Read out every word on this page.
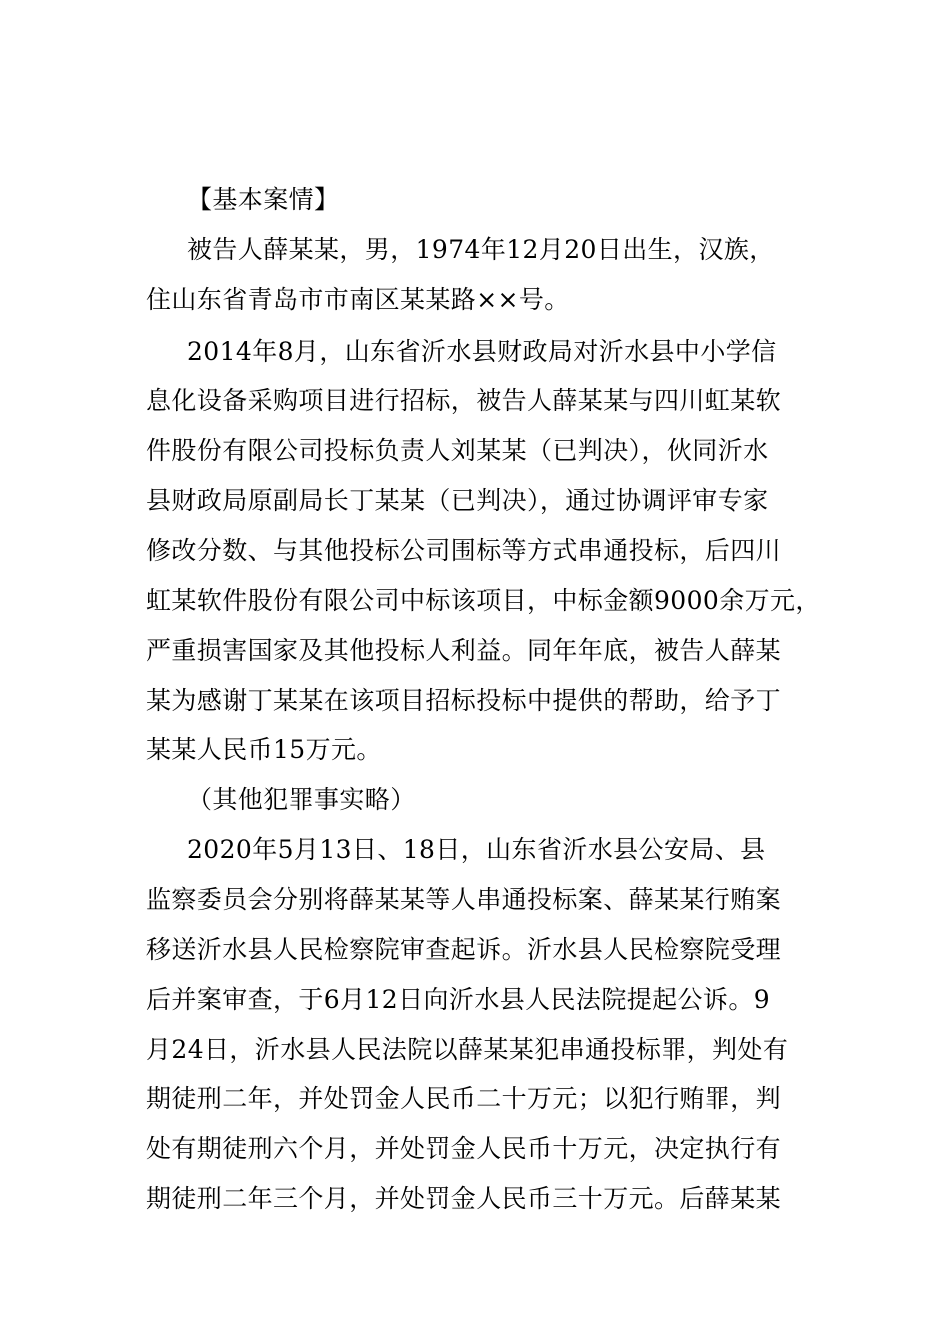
【基本案情】
被告人薛某某，男，1974年12月20日出生，汉族，
住山东省青岛市市南区某某路××号。
2014年8月，山东省沂水县财政局对沂水县中小学信
息化设备采购项目进行招标，被告人薛某某与四川虹某软
件股份有限公司投标负责人刘某某（已判决），伙同沂水
县财政局原副局长丁某某（已判决），通过协调评审专家
修改分数、与其他投标公司围标等方式串通投标，后四川
虹某软件股份有限公司中标该项目，中标金额9000余万元，
严重损害国家及其他投标人利益。同年年底，被告人薛某
某为感谢丁某某在该项目招标投标中提供的帮助，给予丁
某某人民币15万元。
（其他犯罪事实略）
2020年5月13日、18日，山东省沂水县公安局、县
监察委员会分别将薛某某等人串通投标案、薛某某行贿案
移送沂水县人民检察院审查起诉。沂水县人民检察院受理
后并案审查，于6月12日向沂水县人民法院提起公诉。9
月24日，沂水县人民法院以薛某某犯串通投标罪，判处有
期徒刑二年，并处罚金人民币二十万元；以犯行贿罪，判
处有期徒刑六个月，并处罚金人民币十万元，决定执行有
期徒刑二年三个月，并处罚金人民币三十万元。后薛某某
